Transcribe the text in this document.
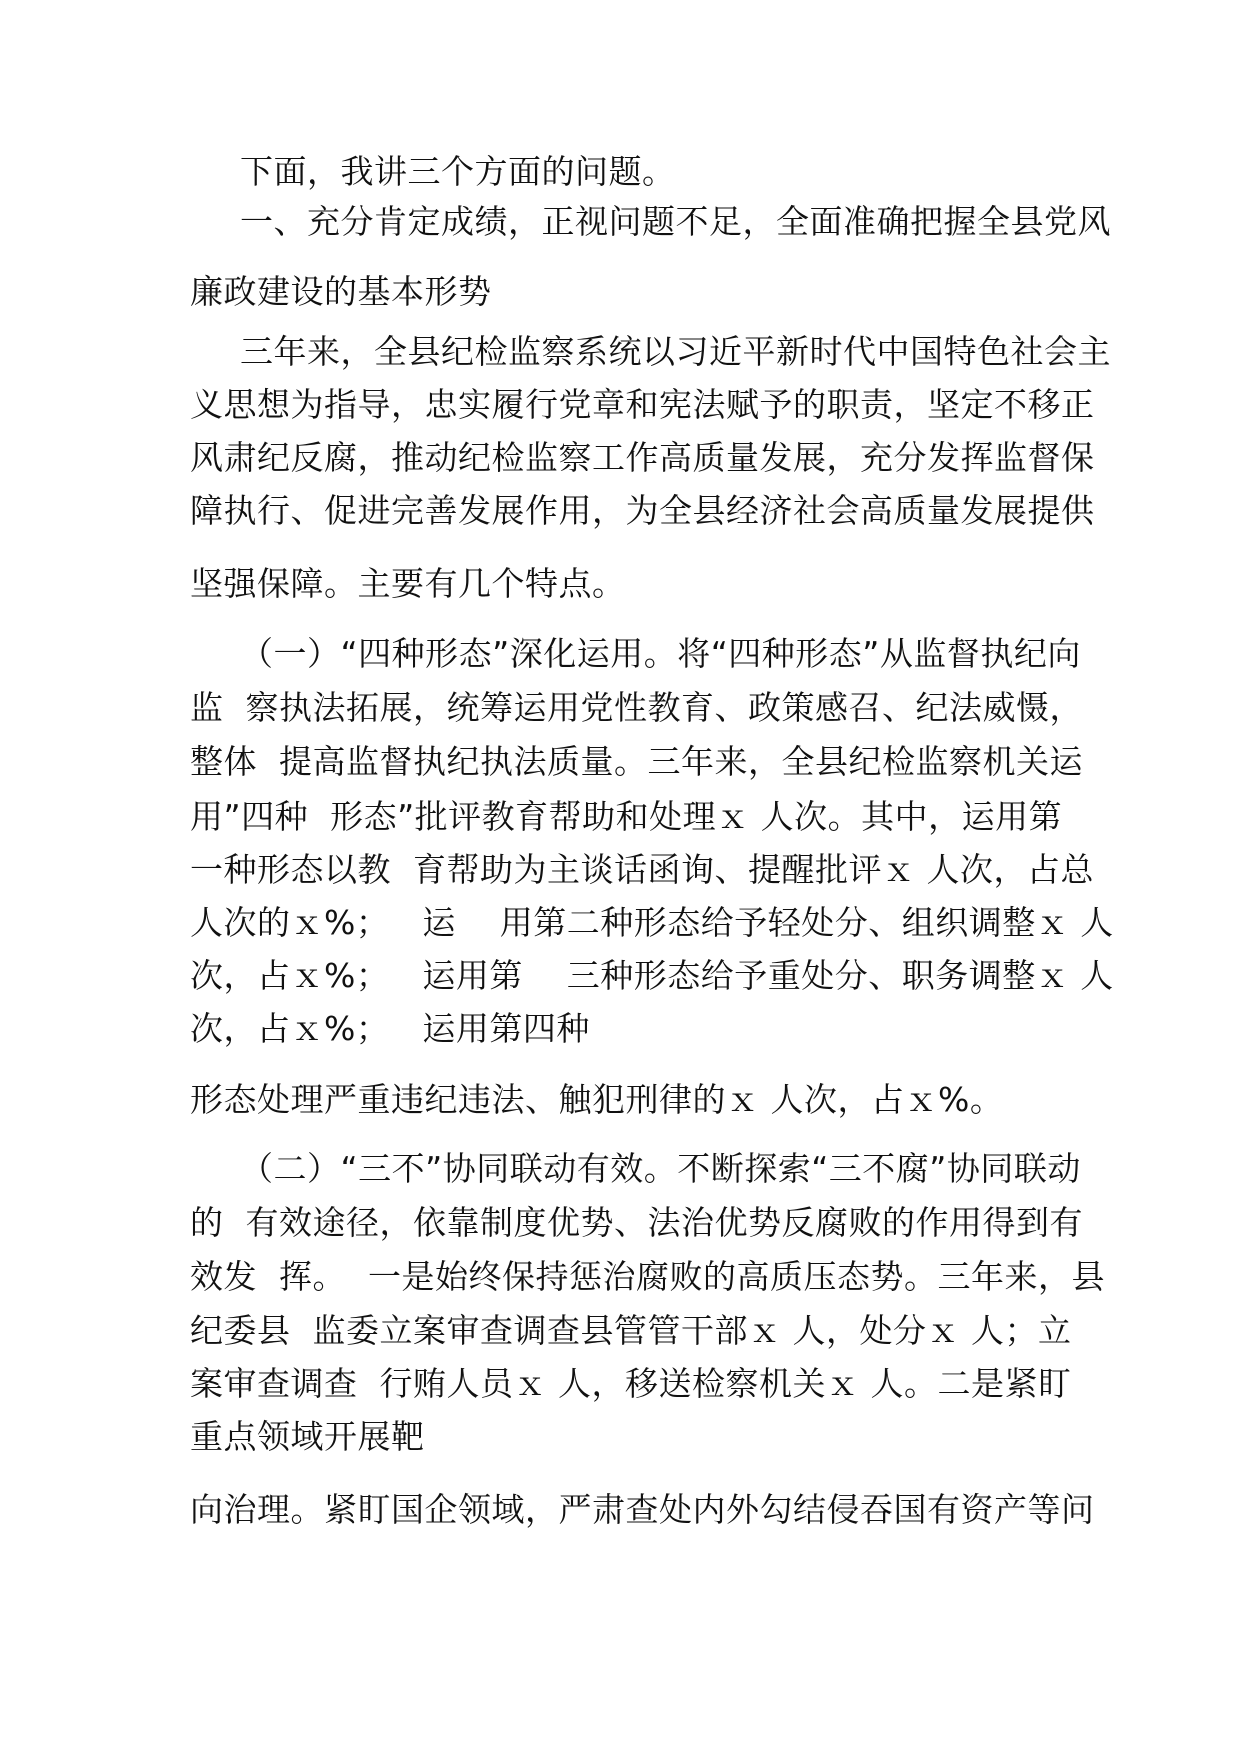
下面，我讲三个方面的问题。

一、充分肯定成绩，正视问题不足，全面准确把握全县党风

廉政建设的基本形势

三年来，全县纪检监察系统以习近平新时代中国特色社会主

义思想为指导，忠实履行党章和宪法赋予的职责，坚定不移正

风肃纪反腐，推动纪检监察工作高质量发展，充分发挥监督保

障执行、促进完善发展作用，为全县经济社会高质量发展提供

坚强保障。主要有几个特点。

（一）“四种形态”深化运用。将“四种形态”从监督执纪向

监  察执法拓展，统筹运用党性教育、政策感召、纪法威慑，

整体  提高监督执纪执法质量。三年来，全县纪检监察机关运

用”四种  形态”批评教育帮助和处理ｘ 人次。其中，运用第

一种形态以教  育帮助为主谈话函询、提醒批评ｘ 人次，占总

人次的ｘ%；   运    用第二种形态给予轻处分、组织调整ｘ 人

次，占ｘ%；   运用第    三种形态给予重处分、职务调整ｘ 人

次，占ｘ%；   运用第四种

形态处理严重违纪违法、触犯刑律的ｘ 人次，占ｘ%。

（二）“三不”协同联动有效。不断探索“三不腐”协同联动

的  有效途径，依靠制度优势、法治优势反腐败的作用得到有

效发  挥。  一是始终保持惩治腐败的高质压态势。三年来，县

纪委县  监委立案审查调查县管管干部ｘ 人，处分ｘ 人；立

案审查调查  行贿人员ｘ 人，移送检察机关ｘ 人。二是紧盯

重点领域开展靶

向治理。紧盯国企领域，严肃查处内外勾结侵吞国有资产等问
